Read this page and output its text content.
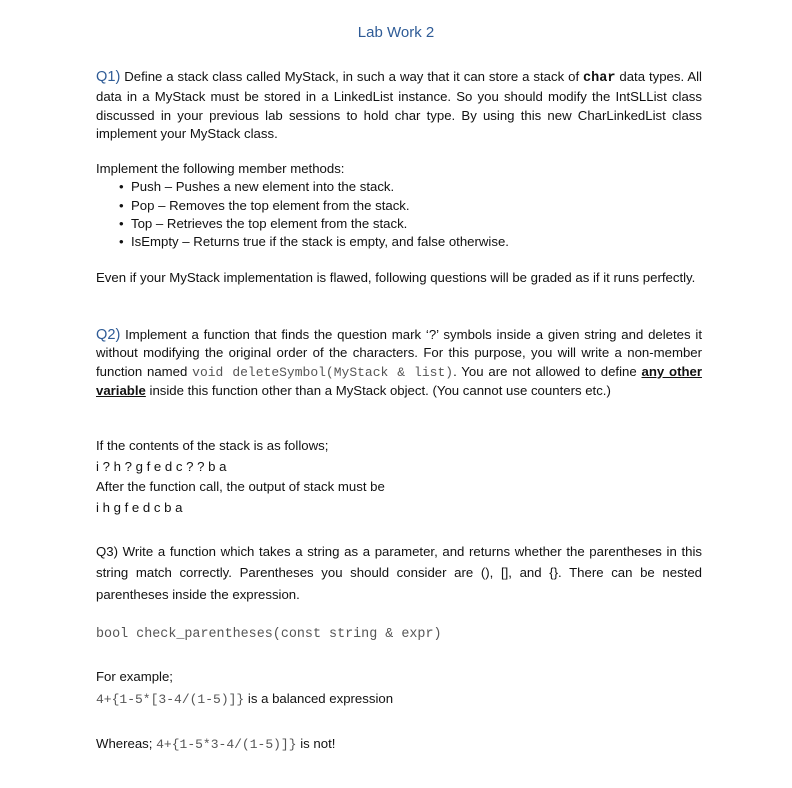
Lab Work 2
Q1) Define a stack class called MyStack, in such a way that it can store a stack of char data types. All data in a MyStack must be stored in a LinkedList instance. So you should modify the IntSLList class discussed in your previous lab sessions to hold char type. By using this new CharLinkedList class implement your MyStack class.
Implement the following member methods:
• Push – Pushes a new element into the stack.
• Pop – Removes the top element from the stack.
• Top – Retrieves the top element from the stack.
• IsEmpty – Returns true if the stack is empty, and false otherwise.
Even if your MyStack implementation is flawed, following questions will be graded as if it runs perfectly.
Q2) Implement a function that finds the question mark ‘?’ symbols inside a given string and deletes it without modifying the original order of the characters. For this purpose, you will write a non-member function named void deleteSymbol(MyStack & list). You are not allowed to define any other variable inside this function other than a MyStack object. (You cannot use counters etc.)
If the contents of the stack is as follows;
i ? h ? g f e d c ? ? b a
After the function call, the output of stack must be
i h g f e d c b a
Q3) Write a function which takes a string as a parameter, and returns whether the parentheses in this string match correctly. Parentheses you should consider are (), [], and {}. There can be nested parentheses inside the expression.
bool check_parentheses(const string & expr)
For example;
4+{1-5*[3-4/(1-5)]} is a balanced expression
Whereas; 4+{1-5*3-4/(1-5)]} is not!
